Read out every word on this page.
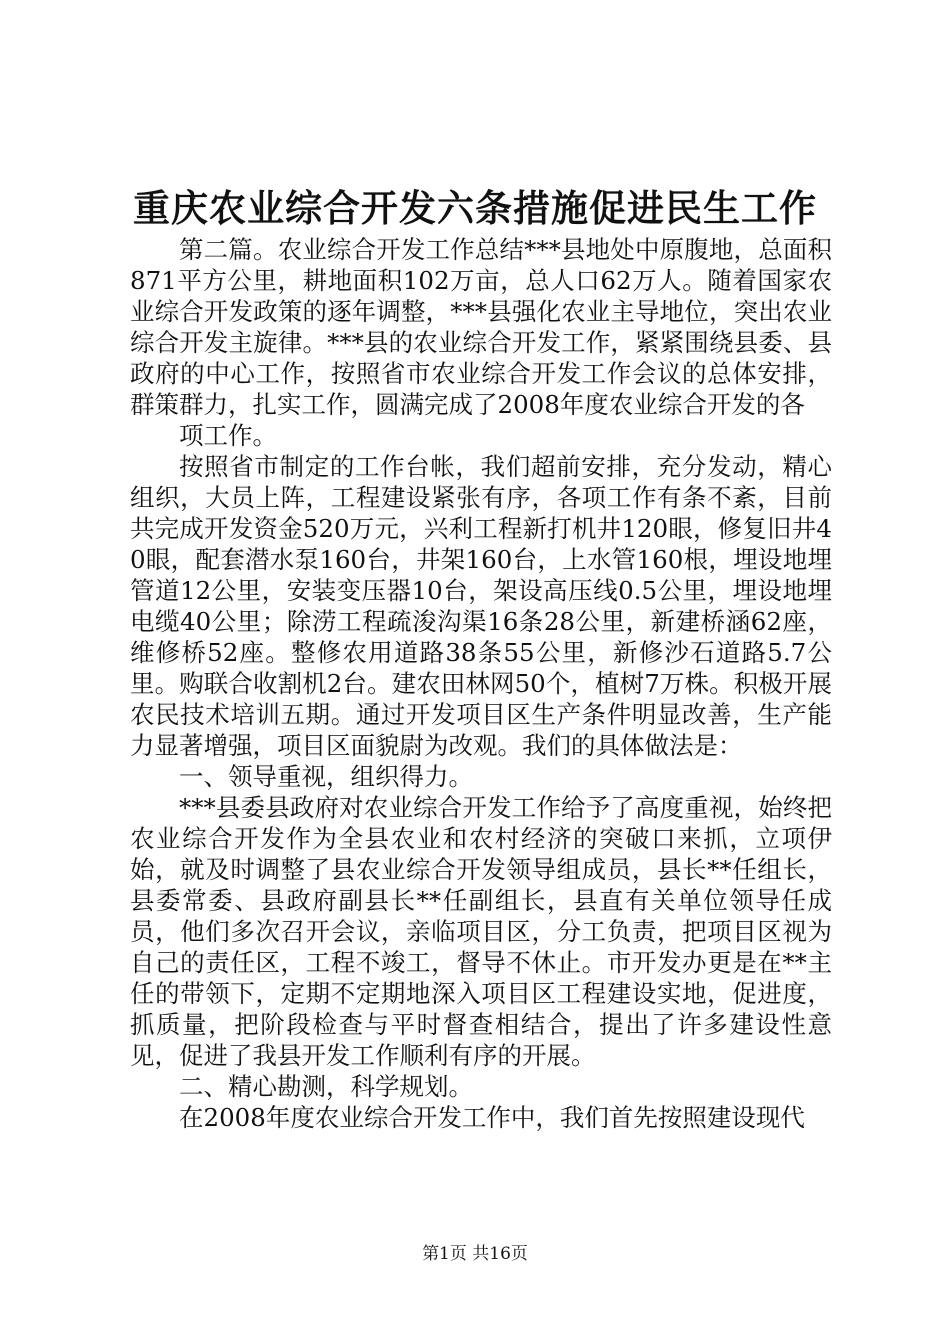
重庆农业综合开发六条措施促进民生工作

第二篇。农业综合开发工作总结***县地处中原腹地，总面积871平方公里，耕地面积102万亩，总人口62万人。随着国家农业综合开发政策的逐年调整，***县强化农业主导地位，突出农业综合开发主旋律。***县的农业综合开发工作，紧紧围绕县委、县政府的中心工作，按照省市农业综合开发工作会议的总体安排，群策群力，扎实工作，圆满完成了2008年度农业综合开发的各

项工作。

按照省市制定的工作台帐，我们超前安排，充分发动，精心组织，大员上阵，工程建设紧张有序，各项工作有条不紊，目前共完成开发资金520万元，兴利工程新打机井120眼，修复旧井40眼，配套潜水泵160台，井架160台，上水管160根，埋设地埋管道12公里，安装变压器10台，架设高压线0.5公里，埋设地埋电缆40公里；除涝工程疏浚沟渠16条28公里，新建桥涵62座，维修桥52座。整修农用道路38条55公里，新修沙石道路5.7公里。购联合收割机2台。建农田林网50个，植树7万株。积极开展农民技术培训五期。通过开发项目区生产条件明显改善，生产能力显著增强，项目区面貌尉为改观。我们的具体做法是：

一、领导重视，组织得力。

***县委县政府对农业综合开发工作给予了高度重视，始终把农业综合开发作为全县农业和农村经济的突破口来抓，立项伊始，就及时调整了县农业综合开发领导组成员，县长**任组长，县委常委、县政府副县长**任副组长，县直有关单位领导任成员，他们多次召开会议，亲临项目区，分工负责，把项目区视为自己的责任区，工程不竣工，督导不休止。市开发办更是在**主任的带领下，定期不定期地深入项目区工程建设实地，促进度，抓质量，把阶段检查与平时督查相结合，提出了许多建设性意见，促进了我县开发工作顺利有序的开展。

二、精心勘测，科学规划。

在2008年度农业综合开发工作中，我们首先按照建设现代

第1页 共16页
